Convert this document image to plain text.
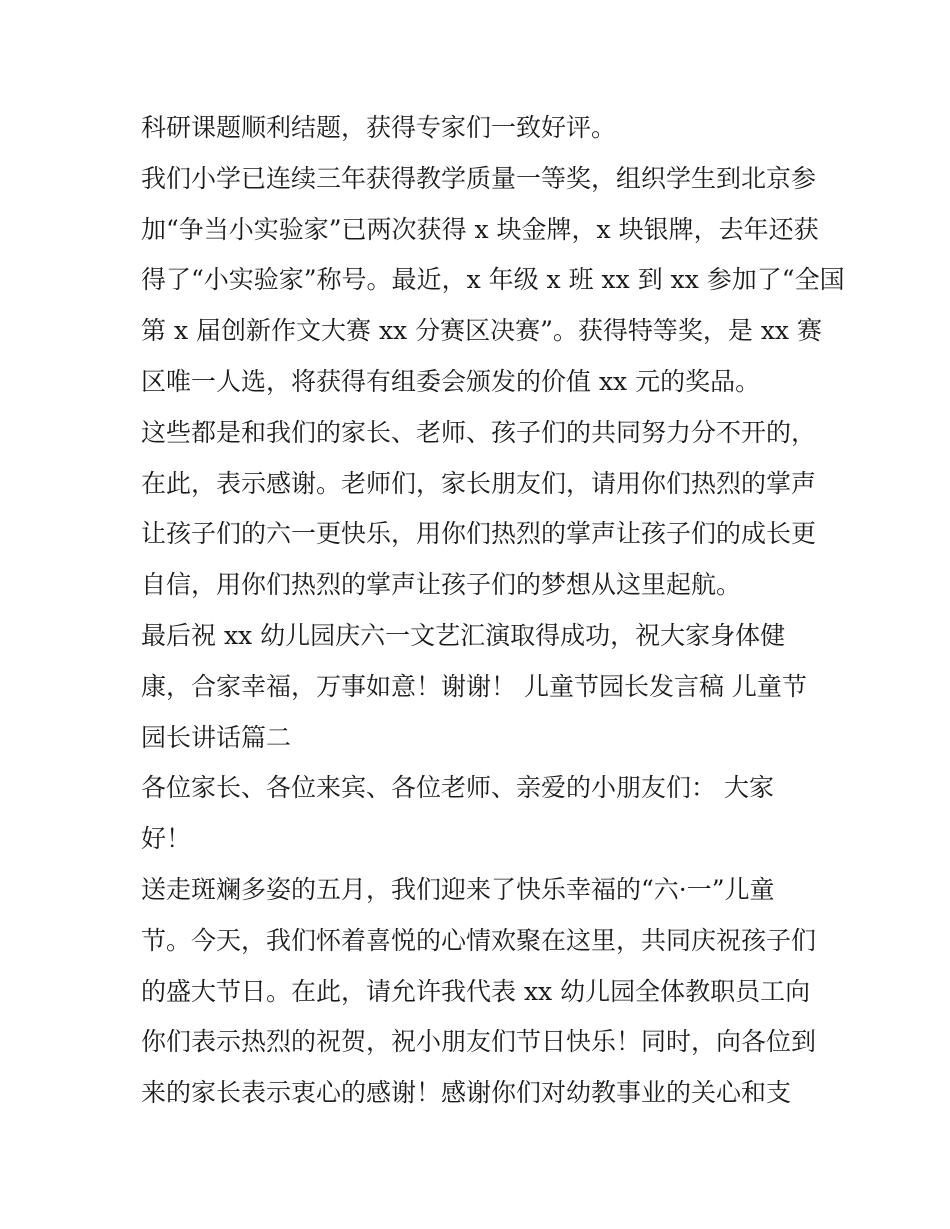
科研课题顺利结题，获得专家们一致好评。
我们小学已连续三年获得教学质量一等奖，组织学生到北京参
加“争当小实验家”已两次获得 x 块金牌，x 块银牌，去年还获
得了“小实验家”称号。最近，x 年级 x 班 xx 到 xx 参加了“全国
第 x 届创新作文大赛 xx 分赛区决赛”。获得特等奖，是 xx 赛
区唯一人选，将获得有组委会颁发的价值 xx 元的奖品。
这些都是和我们的家长、老师、孩子们的共同努力分不开的，
在此，表示感谢。老师们，家长朋友们，请用你们热烈的掌声
让孩子们的六一更快乐，用你们热烈的掌声让孩子们的成长更
自信，用你们热烈的掌声让孩子们的梦想从这里起航。
最后祝 xx 幼儿园庆六一文艺汇演取得成功，祝大家身体健
康，合家幸福，万事如意！谢谢！ 儿童节园长发言稿 儿童节
园长讲话篇二
各位家长、各位来宾、各位老师、亲爱的小朋友们： 大家
好！
送走斑斓多姿的五月，我们迎来了快乐幸福的“六·一”儿童
节。今天，我们怀着喜悦的心情欢聚在这里，共同庆祝孩子们
的盛大节日。在此，请允许我代表 xx 幼儿园全体教职员工向
你们表示热烈的祝贺，祝小朋友们节日快乐！同时，向各位到
来的家长表示衷心的感谢！感谢你们对幼教事业的关心和支
